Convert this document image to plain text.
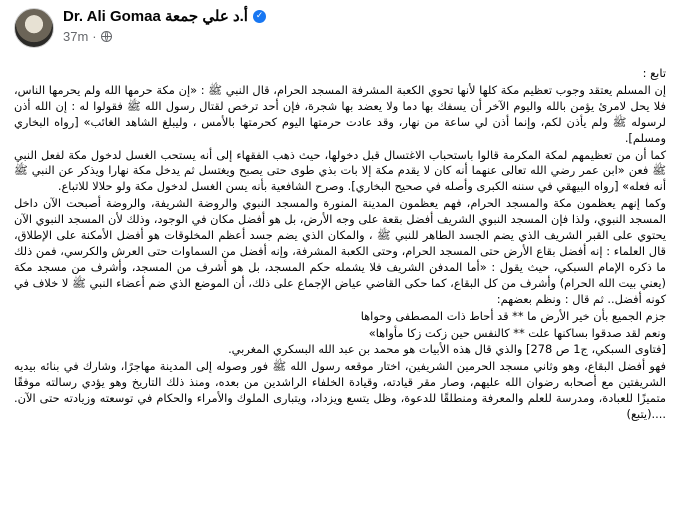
Dr. Ali Gomaa أ.د علي جمعة ✓
37m ·

تابع :

إن المسلم يعتقد وجوب تعظيم مكة كلها لأنها تحوي الكعبة المشرفة المسجد الحرام، قال النبي ﷺ : «إن مكة حرمها الله ولم يحرمها الناس، فلا يحل لامرئ يؤمن بالله واليوم الآخر أن يسفك بها دما ولا يعضد بها شجرة، فإن أحد ترخص لقتال رسول الله ﷺ فقولوا له : إن الله أذن لرسوله ﷺ ولم يأذن لكم، وإنما أذن لي ساعة من نهار، وقد عادت حرمتها اليوم كحرمتها بالأمس ، وليبلغ الشاهد الغائب» [رواه البخاري ومسلم].

كما أن من تعظيمهم لمكة المكرمة قالوا باستحباب الاغتسال قبل دخولها، حيث ذهب الفقهاء إلى أنه يستحب الغسل لدخول مكة لفعل النبي ﷺ فعن «ابن عمر رضي الله تعالى عنهما أنه كان لا يقدم مكة إلا بات بذي طوى حتى يصبح ويغتسل ثم يدخل مكة نهارا ويذكر عن النبي ﷺ أنه فعله» [رواه البيهقي في سننه الكبرى وأصله في صحيح البخاري]. وصرح الشافعية بأنه يسن الغسل لدخول مكة ولو حلالا للاتباع.

وكما إنهم يعظمون مكة والمسجد الحرام، فهم يعظمون المدينة المنورة والمسجد النبوي والروضة الشريفة، والروضة أصبحت الآن داخل المسجد النبوي، ولذا فإن المسجد النبوي الشريف أفضل بقعة على وجه الأرض، بل هو أفضل مكان في الوجود، وذلك لأن المسجد النبوي الآن يحتوي على القبر الشريف الذي يضم الجسد الطاهر للنبي ﷺ ، والمكان الذي يضم جسد أعظم المخلوقات هو أفضل الأمكنة على الإطلاق، قال العلماء : إنه أفضل بقاع الأرض حتى المسجد الحرام، وحتى الكعبة المشرفة، وإنه أفضل من السماوات حتى العرش والكرسي، فمن ذلك ما ذكره الإمام السبكي، حيث يقول : «أما المدفن الشريف فلا يشمله حكم المسجد، بل هو أشرف من المسجد، وأشرف من مسجد مكة (يعني بيت الله الحرام) وأشرف من كل البقاع، كما حكى القاضي عياض الإجماع على ذلك، أن الموضع الذي ضم أعضاء النبي ﷺ لا خلاف في كونه أفضل.. ثم قال : ونظم بعضهم:

جزم الجميع بأن خير الأرض ما ** قد أحاط ذات المصطفى وحواها

ونعم لقد صدقوا بساكنها علت ** كالنفس حين زكت زكا مأواها»

[فتاوى السبكي، ج1 ص 278] والذي قال هذه الأبيات هو محمد بن عبد الله البسكري المغربي.

فهو أفضل البقاع، وهو وثاني مسجد الحرمين الشريفين، اختار موقعه رسول الله ﷺ فور وصوله إلى المدينة مهاجرًا، وشارك في بنائه بيديه الشريفتين مع أصحابه رضوان الله عليهم، وصار مقر قيادته، وقيادة الخلفاء الراشدين من بعده، ومنذ ذلك التاريخ وهو يؤدي رسالته موفقًا متميزًا للعبادة، ومدرسة للعلم والمعرفة ومنطلقًا للدعوة، وظل يتسع ويزداد، ويتبارى الملوك والأمراء والحكام في توسعته وزيادته حتى الآن. ....(يتبع)
